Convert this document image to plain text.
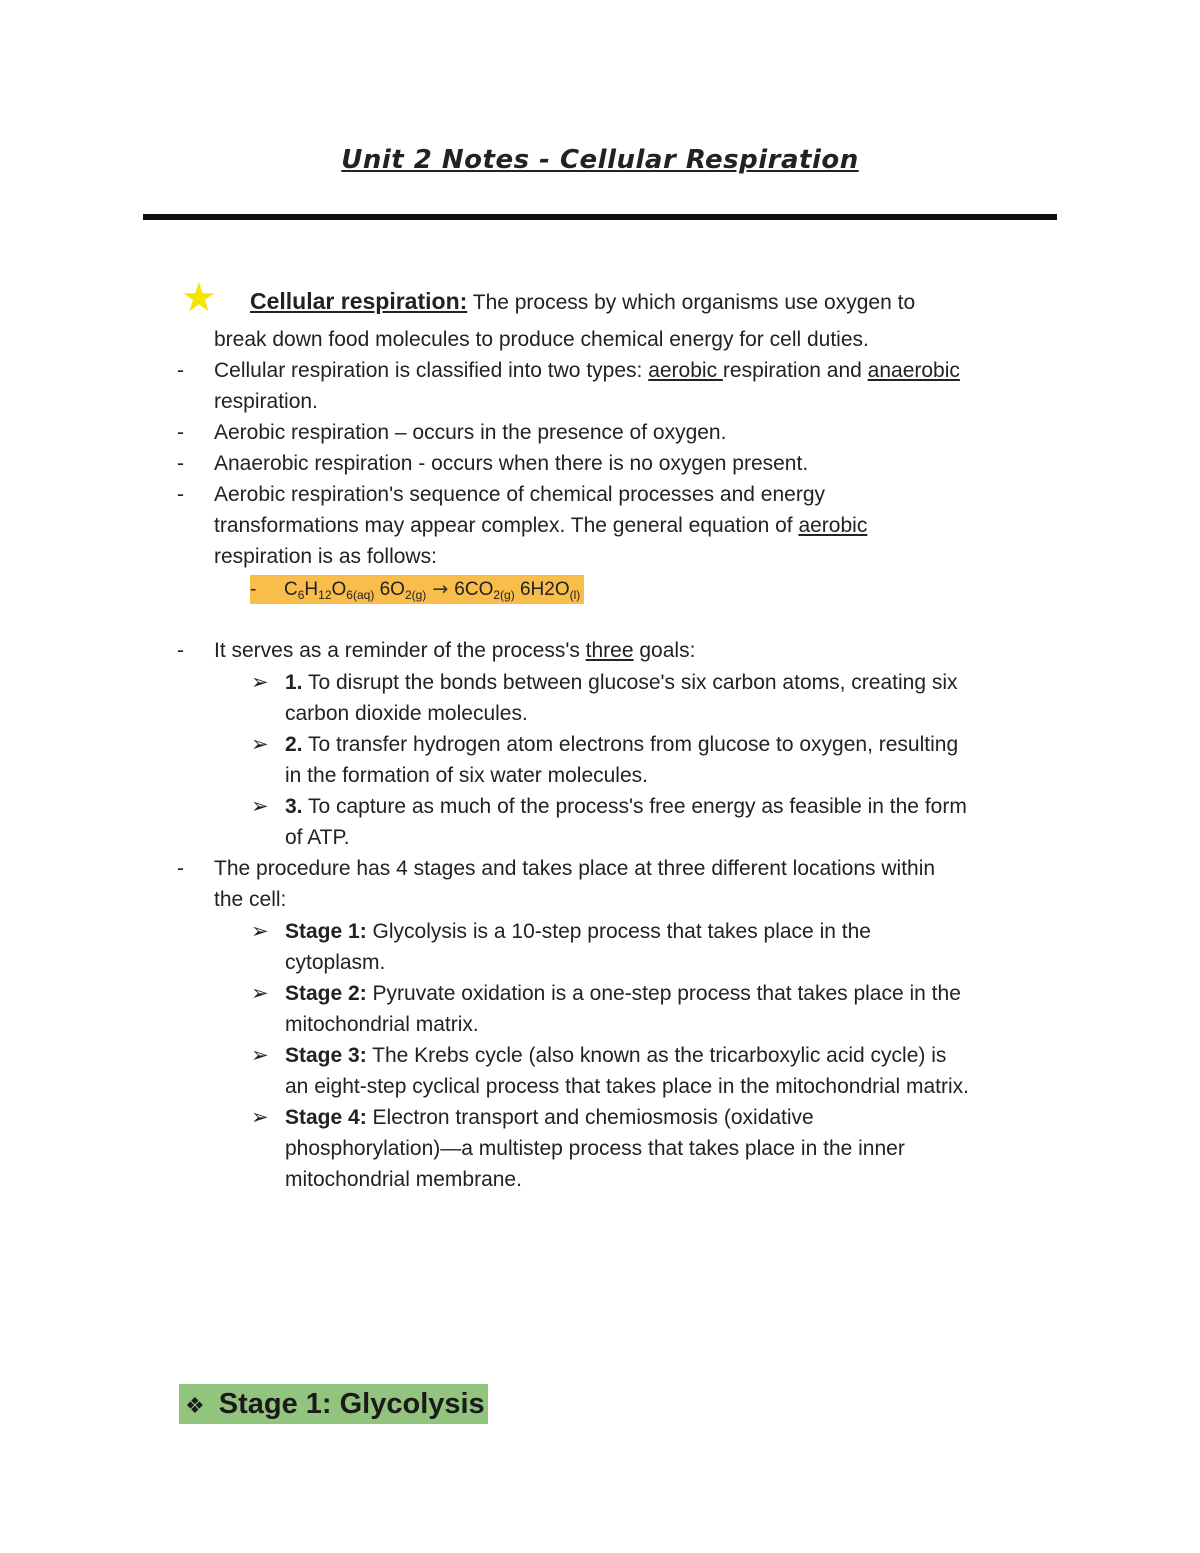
Unit 2 Notes - Cellular Respiration
★ Cellular respiration: The process by which organisms use oxygen to
break down food molecules to produce chemical energy for cell duties.
-	Cellular respiration is classified into two types: aerobic respiration and anaerobic
respiration.
-	Aerobic respiration – occurs in the presence of oxygen.
-	Anaerobic respiration - occurs when there is no oxygen present.
-	Aerobic respiration's sequence of chemical processes and energy
transformations may appear complex. The general equation of aerobic
respiration is as follows:
- $C_6H_{12}O_{6(aq)}$ $6O_{2(g)} \to 6CO_{2(g)}$ $6H2O_{(l)}$
-	It serves as a reminder of the process's three goals:
➢ 1. To disrupt the bonds between glucose's six carbon atoms, creating six
carbon dioxide molecules.
➢ 2. To transfer hydrogen atom electrons from glucose to oxygen, resulting
in the formation of six water molecules.
➢ 3. To capture as much of the process's free energy as feasible in the form
of ATP.
-	The procedure has 4 stages and takes place at three different locations within
the cell:
➢ Stage 1: Glycolysis is a 10-step process that takes place in the
cytoplasm.
➢ Stage 2: Pyruvate oxidation is a one-step process that takes place in the
mitochondrial matrix.
➢ Stage 3: The Krebs cycle (also known as the tricarboxylic acid cycle) is
an eight-step cyclical process that takes place in the mitochondrial matrix.
➢ Stage 4: Electron transport and chemiosmosis (oxidative
phosphorylation)—a multistep process that takes place in the inner
mitochondrial membrane.
❖ Stage 1: Glycolysis
